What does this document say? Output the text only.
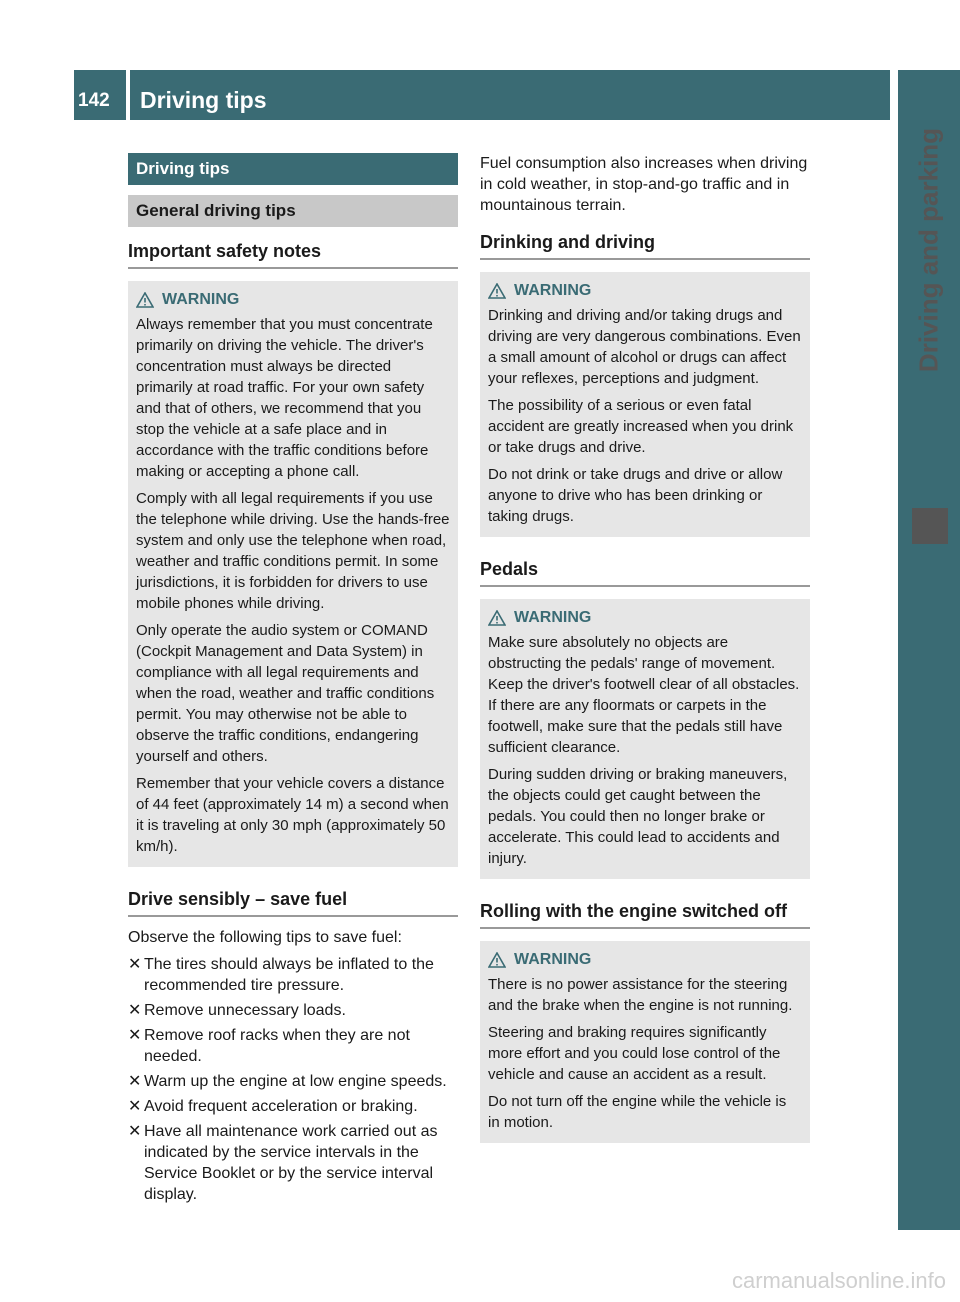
142	Driving tips
Driving and parking
Driving tips
General driving tips
Important safety notes
WARNING

Always remember that you must concentrate primarily on driving the vehicle. The driver's concentration must always be directed primarily at road traffic. For your own safety and that of others, we recommend that you stop the vehicle at a safe place and in accordance with the traffic conditions before making or accepting a phone call.

Comply with all legal requirements if you use the telephone while driving. Use the hands-free system and only use the telephone when road, weather and traffic conditions permit. In some jurisdictions, it is forbidden for drivers to use mobile phones while driving.

Only operate the audio system or COMAND (Cockpit Management and Data System) in compliance with all legal requirements and when the road, weather and traffic conditions permit. You may otherwise not be able to observe the traffic conditions, endangering yourself and others.

Remember that your vehicle covers a distance of 44 feet (approximately 14 m) a second when it is traveling at only 30 mph (approximately 50 km/h).

Drive sensibly – save fuel

Observe the following tips to save fuel:

✕ The tires should always be inflated to the recommended tire pressure.
✕ Remove unnecessary loads.
✕ Remove roof racks when they are not needed.
✕ Warm up the engine at low engine speeds.
✕ Avoid frequent acceleration or braking.
✕ Have all maintenance work carried out as indicated by the service intervals in the Service Booklet or by the service interval display.

Fuel consumption also increases when driving in cold weather, in stop-and-go traffic and in mountainous terrain.

Drinking and driving
WARNING

Drinking and driving and/or taking drugs and driving are very dangerous combinations. Even a small amount of alcohol or drugs can affect your reflexes, perceptions and judgment.

The possibility of a serious or even fatal accident are greatly increased when you drink or take drugs and drive.

Do not drink or take drugs and drive or allow anyone to drive who has been drinking or taking drugs.

Pedals
WARNING

Make sure absolutely no objects are obstructing the pedals' range of movement. Keep the driver's footwell clear of all obstacles. If there are any floormats or carpets in the footwell, make sure that the pedals still have sufficient clearance.

During sudden driving or braking maneuvers, the objects could get caught between the pedals. You could then no longer brake or accelerate. This could lead to accidents and injury.

Rolling with the engine switched off
WARNING

There is no power assistance for the steering and the brake when the engine is not running.

Steering and braking requires significantly more effort and you could lose control of the vehicle and cause an accident as a result.

Do not turn off the engine while the vehicle is in motion.

carmanualsonline.info
